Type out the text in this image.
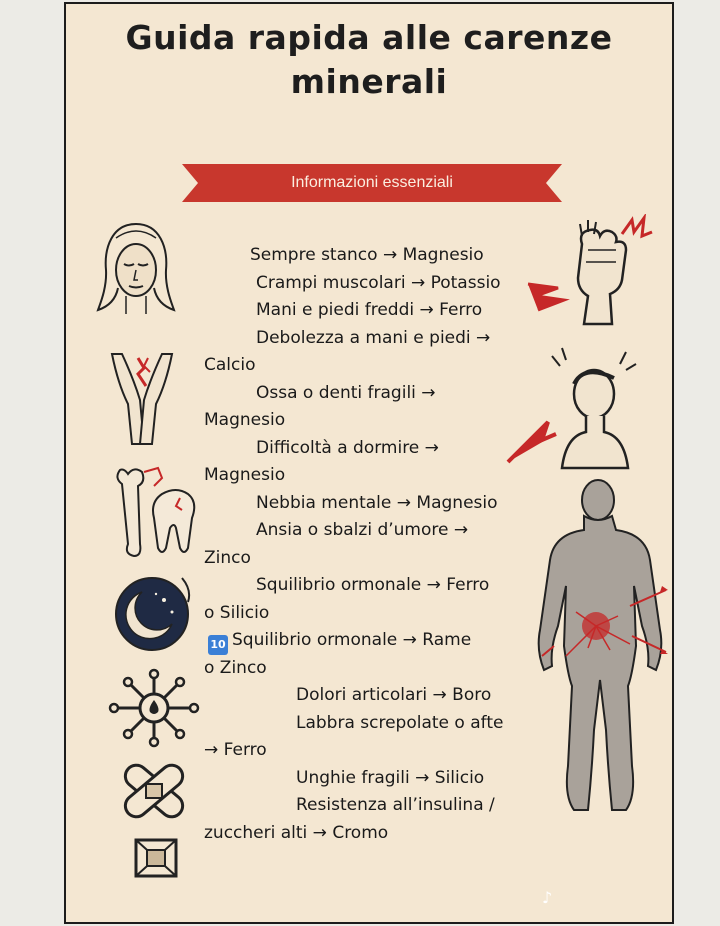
Guida rapida alle carenze
minerali
Informazioni essenziali
Sempre stanco → Magnesio
Crampi muscolari → Potassio
Mani e piedi freddi → Ferro
Debolezza a mani e piedi →
Calcio
Ossa o denti fragili →
Magnesio
Difficoltà a dormire →
Magnesio
Nebbia mentale → Magnesio
Ansia o sbalzi d’umore →
Zinco
Squilibrio ormonale → Ferro
o Silicio
10 Squilibrio ormonale → Rame
o Zinco
Dolori articolari → Boro
Labbra screpolate o afte
→ Ferro
Unghie fragili → Silicio
Resistenza all’insulina /
zuccheri alti → Cromo
♪
